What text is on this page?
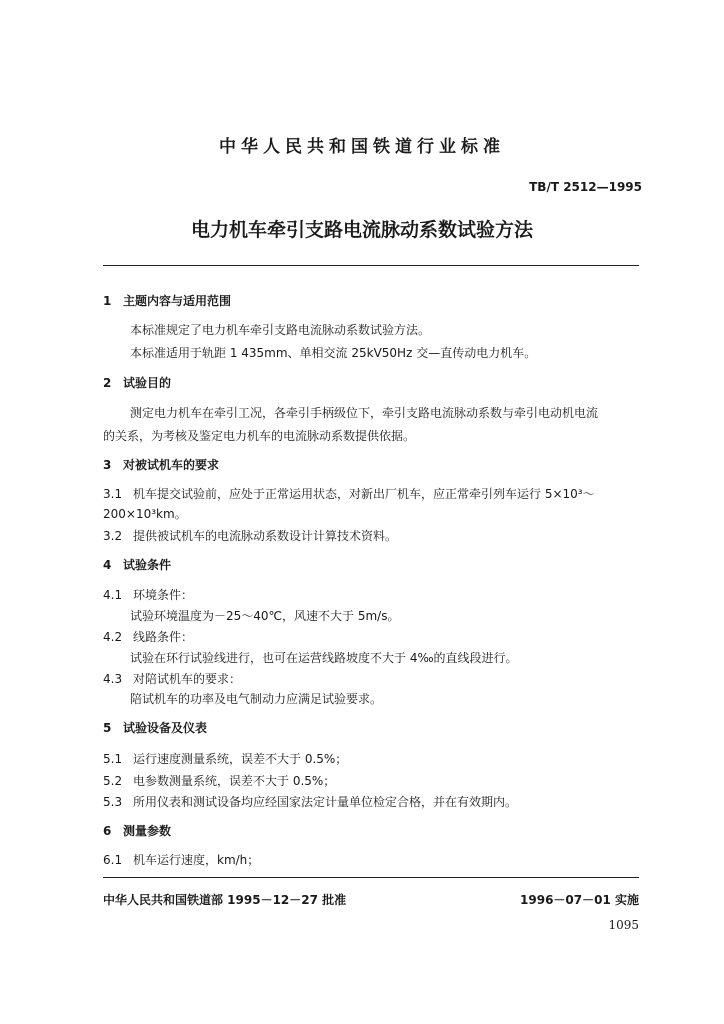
中华人民共和国铁道行业标准
TB/T 2512—1995
电力机车牵引支路电流脉动系数试验方法
1 主题内容与适用范围
本标准规定了电力机车牵引支路电流脉动系数试验方法。
本标准适用于轨距 1 435mm、单相交流 25kV50Hz 交—直传动电力机车。
2 试验目的
测定电力机车在牵引工况，各牵引手柄级位下，牵引支路电流脉动系数与牵引电动机电流
的关系，为考核及鉴定电力机车的电流脉动系数提供依据。
3 对被试机车的要求
3.1 机车提交试验前，应处于正常运用状态，对新出厂机车，应正常牵引列车运行 5×10³～
200×10³km。
3.2 提供被试机车的电流脉动系数设计计算技术资料。
4 试验条件
4.1 环境条件：
试验环境温度为－25～40℃，风速不大于 5m/s。
4.2 线路条件：
试验在环行试验线进行，也可在运营线路坡度不大于 4‰的直线段进行。
4.3 对陪试机车的要求：
陪试机车的功率及电气制动力应满足试验要求。
5 试验设备及仪表
5.1 运行速度测量系统，误差不大于 0.5%；
5.2 电参数测量系统，误差不大于 0.5%；
5.3 所用仪表和测试设备均应经国家法定计量单位检定合格，并在有效期内。
6 测量参数
6.1 机车运行速度，km/h；
中华人民共和国铁道部 1995－12－27 批准	1996－07－01 实施
1095
